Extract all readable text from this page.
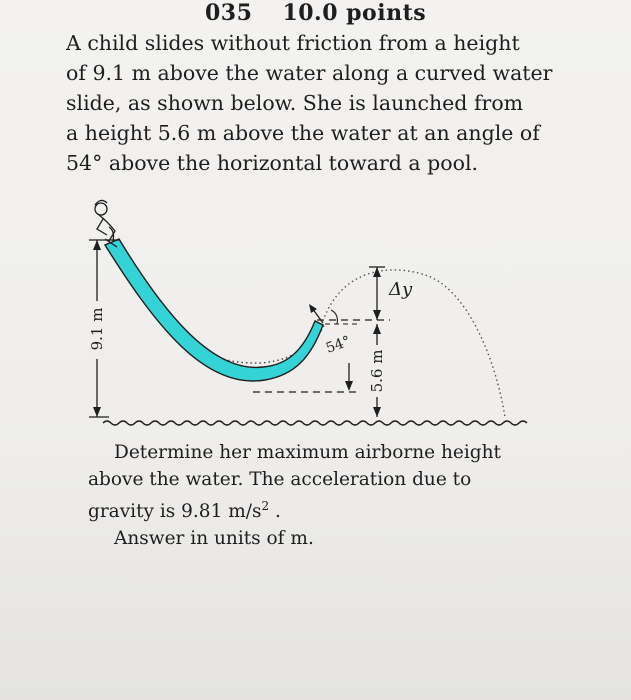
035 10.0 points

A child slides without friction from a height

of 9.1 m above the water along a curved water

slide, as shown below. She is launched from

a height 5.6 m above the water at an angle of

54° above the horizontal toward a pool.

9.1 m	54°
Δy
5.6 m

Determine her maximum airborne height

above the water. The acceleration due to

gravity is 9.81 $m/s^2$ .

Answer in units of m.
